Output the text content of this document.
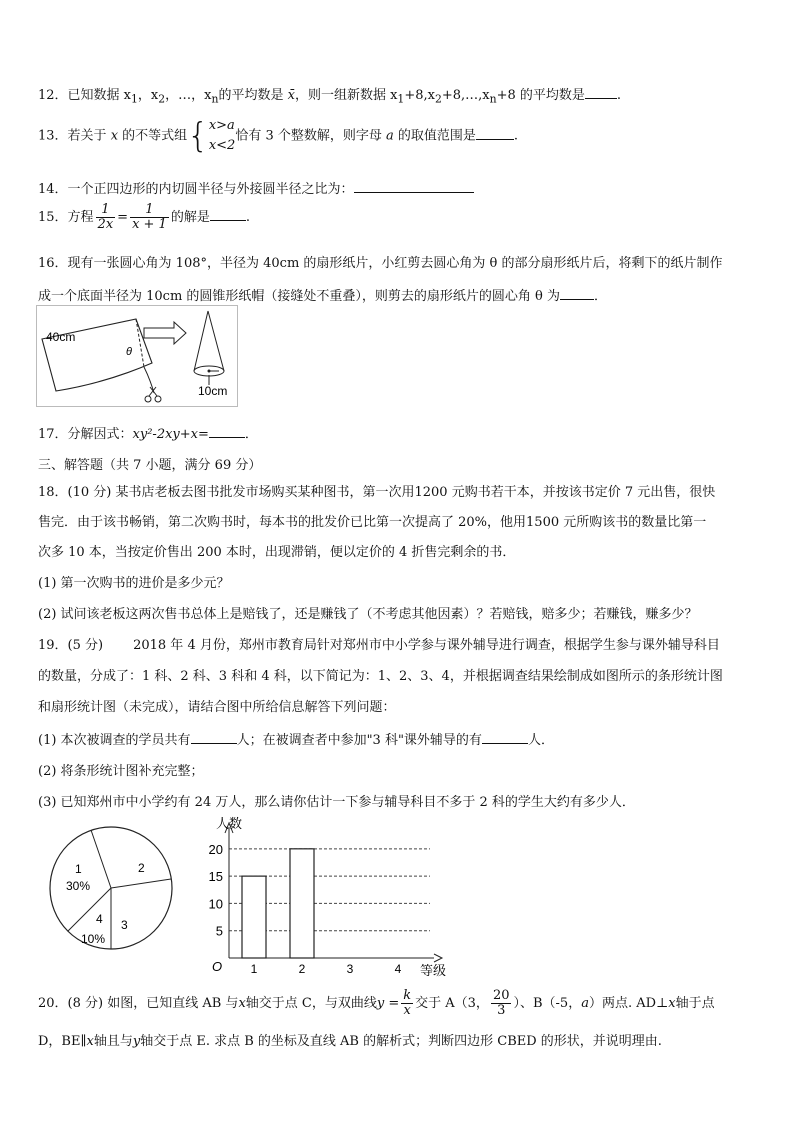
12．已知数据 $x_1$，$x_2$，…，$x_n$的平均数是 x̄，则一组新数据 $x_1+8,x_2+8,\dots,x_n+8$ 的平均数是 .
13．若关于 x 的不等式组{ x>a
x<2
恰有 3 个整数解，则字母 a 的取值范围是	.
14．一个正四边形的内切圆半径与外接圆半径之比为：
15．方程 $\frac{1}{2x} = \frac{1}{x + 1}$ 的解是	.
16．现有一张圆心角为 108°，半径为 40cm 的扇形纸片，小红剪去圆心角为 θ 的部分扇形纸片后，将剩下的纸片制作
成一个底面半径为 10cm 的圆锥形纸帽（接缝处不重叠），则剪去的扇形纸片的圆心角 θ 为	．
40cm
θ
10cm
17．分解因式：xy²-2xy+x=	．
三、解答题（共 7 小题，满分 69 分）
18．(10 分) 某书店老板去图书批发市场购买某种图书，第一次用1200 元购书若干本，并按该书定价 7 元出售，很快
售完．由于该书畅销，第二次购书时，每本书的批发价已比第一次提高了 20%，他用1500 元所购该书的数量比第一
次多 10 本，当按定价售出 200 本时，出现滞销，便以定价的 4 折售完剩余的书．
(1) 第一次购书的进价是多少元？
(2) 试问该老板这两次售书总体上是赔钱了，还是赚钱了（不考虑其他因素）？若赔钱，赔多少；若赚钱，赚多少？
19．(5 分) 2018 年 4 月份，郑州市教育局针对郑州市中小学参与课外辅导进行调查，根据学生参与课外辅导科目
的数量，分成了：1 科、2 科、3 科和 4 科，以下简记为：1、2、3、4，并根据调查结果绘制成如图所示的条形统计图
和扇形统计图（未完成），请结合图中所给信息解答下列问题：
(1) 本次被调查的学员共有	人；在被调查者中参加"3 科"课外辅导的有	人．
(2) 将条形统计图补充完整；
(3) 已知郑州市中小学约有 24 万人，那么请你估计一下参与辅导科目不多于 2 科的学生大约有多少人．
1
30%
2
3
4
10%
5
10
15
20
1	2	3	4
人数
等级
O
20．(8 分) 如图，已知直线 AB 与x轴交于点 C，与双曲线$y = \frac{k}{x}$ 交于 A（3， $\frac{20}{3}$ ）、B（-5，a）两点. AD⊥x轴于点
D，BE∥x轴且与y轴交于点 E. 求点 B 的坐标及直线 AB 的解析式；判断四边形 CBED 的形状，并说明理由.
